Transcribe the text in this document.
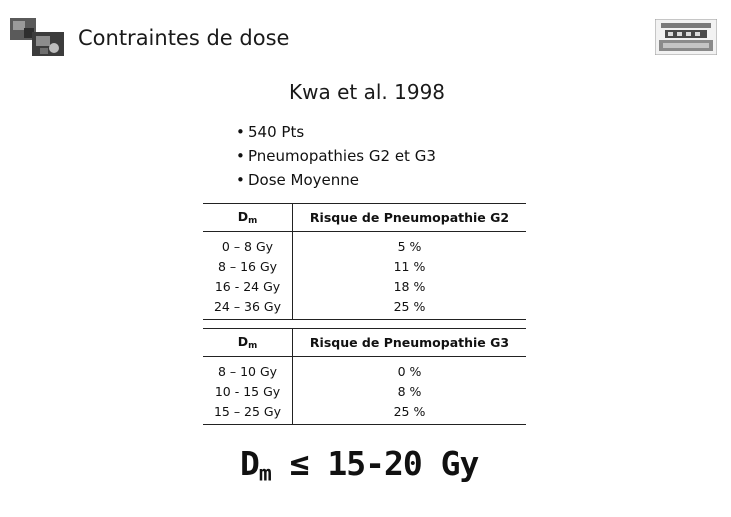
Contraintes de dose
Kwa et al. 1998
• 540 Pts
• Pneumopathies G2 et G3
• Dose Moyenne
$D_m$	Risque de Pneumopathie G2
0 – 8 Gy	5 %
8 – 16 Gy	11 %
16 - 24 Gy	18 %
24 – 36 Gy	25 %
$D_m$	Risque de Pneumopathie G3
8 – 10 Gy	0 %
10 - 15 Gy	8 %
15 – 25 Gy	25 %
$D_m \le 15-20$ Gy
